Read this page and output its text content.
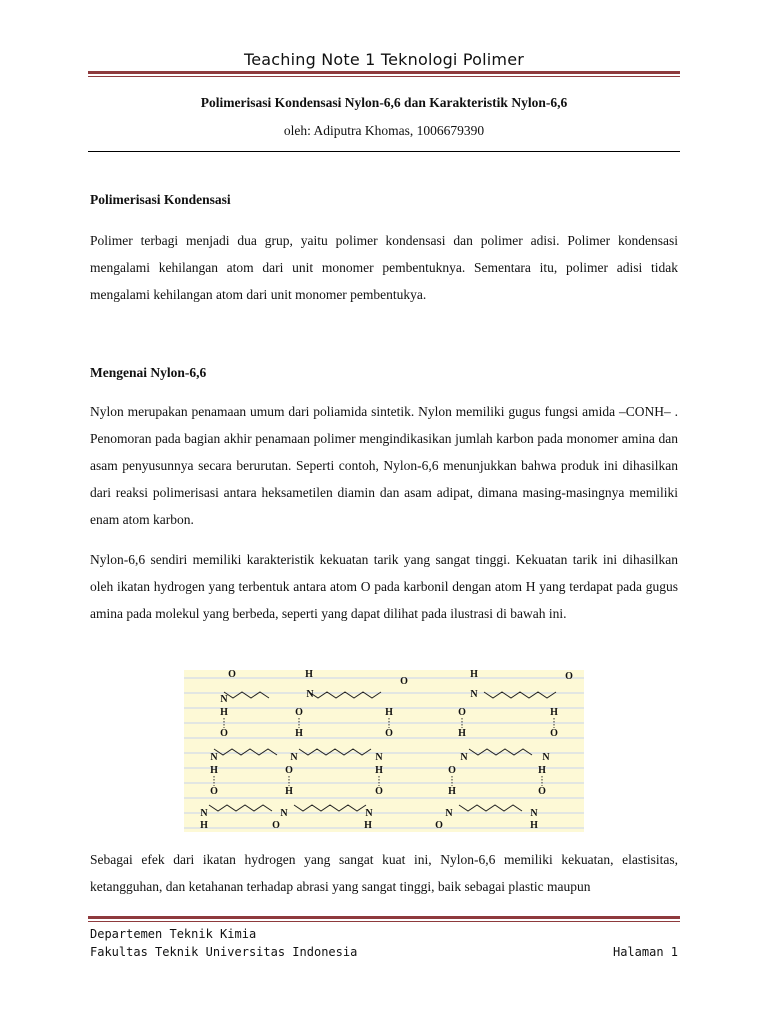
Teaching Note 1 Teknologi Polimer
Polimerisasi Kondensasi Nylon-6,6 dan Karakteristik Nylon-6,6
oleh: Adiputra Khomas, 1006679390
Polimerisasi Kondensasi

Polimer terbagi menjadi dua grup, yaitu polimer kondensasi dan polimer adisi. Polimer kondensasi mengalami kehilangan atom dari unit monomer pembentuknya. Sementara itu, polimer adisi tidak mengalami kehilangan atom dari unit monomer pembentukya.

Mengenai Nylon-6,6

Nylon merupakan penamaan umum dari poliamida sintetik. Nylon memiliki gugus fungsi amida –CONH– . Penomoran pada bagian akhir penamaan polimer mengindikasikan jumlah karbon pada monomer amina dan asam penyusunnya secara berurutan. Seperti contoh, Nylon-6,6 menunjukkan bahwa produk ini dihasilkan dari reaksi polimerisasi antara heksametilen diamin dan asam adipat, dimana masing-masingnya memiliki enam atom karbon.

Nylon-6,6 sendiri memiliki karakteristik kekuatan tarik yang sangat tinggi. Kekuatan tarik ini dihasilkan oleh ikatan hydrogen yang terbentuk antara atom O pada karbonil dengan atom H yang terdapat pada gugus amina pada molekul yang berbeda, seperti yang dapat dilihat pada ilustrasi di bawah ini.

O	H
O
H	O
N	N	N
H
O
O
H
H
O
O
H
H
O
N	N	N	N	N
H
O
O
H
H
O
O
H
H
O
N	N	N	N	N
H	O	H	O	H

Sebagai efek dari ikatan hydrogen yang sangat kuat ini, Nylon-6,6 memiliki kekuatan, elastisitas, ketangguhan, dan ketahanan terhadap abrasi yang sangat tinggi, baik sebagai plastic maupun

Departemen Teknik Kimia
Fakultas Teknik Universitas Indonesia	Halaman 1
